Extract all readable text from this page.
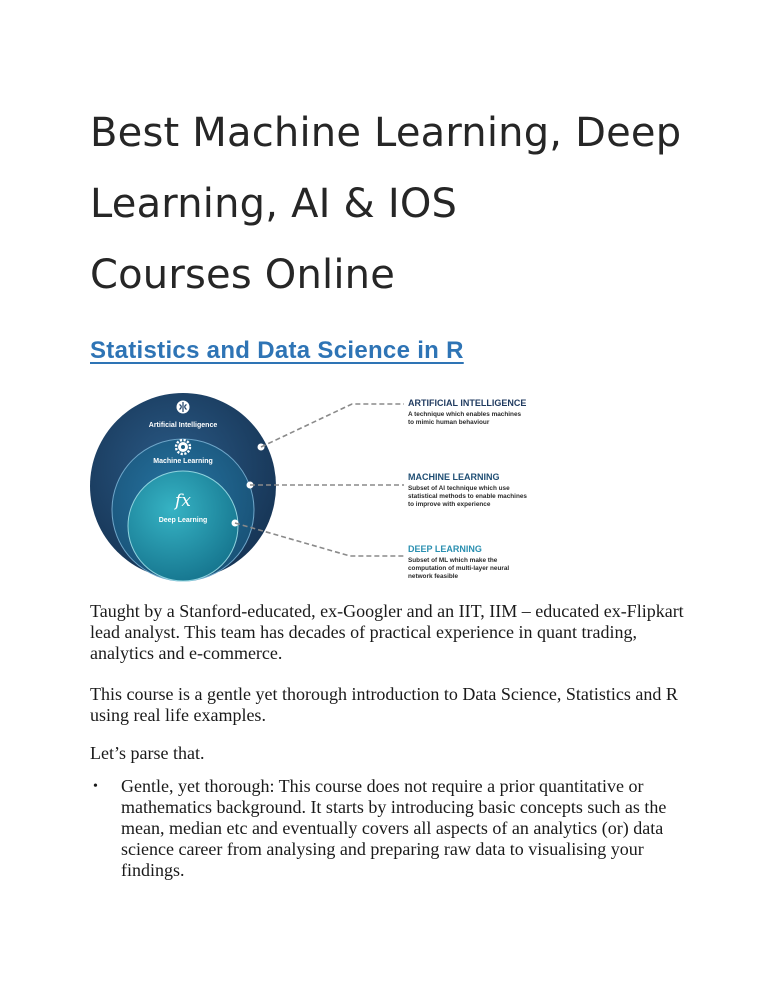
Best Machine Learning, Deep
Learning, AI & IOS
Courses Online
Statistics and Data Science in R
Artificial Intelligence
Machine Learning
fx
Deep Learning
ARTIFICIAL INTELLIGENCE
A technique which enables machines
to mimic human behaviour
MACHINE LEARNING
Subset of AI technique which use
statistical methods to enable machines
to improve with experience
DEEP LEARNING
Subset of ML which make the
computation of multi-layer neural
network feasible

Taught by a Stanford-educated, ex-Googler and an IIT, IIM – educated ex-Flipkart lead analyst. This team has decades of practical experience in quant trading, analytics and e-commerce.

This course is a gentle yet thorough introduction to Data Science, Statistics and R using real life examples.

Let’s parse that.

• Gentle, yet thorough: This course does not require a prior quantitative or mathematics background. It starts by introducing basic concepts such as the mean, median etc and eventually covers all aspects of an analytics (or) data science career from analysing and preparing raw data to visualising your findings.
